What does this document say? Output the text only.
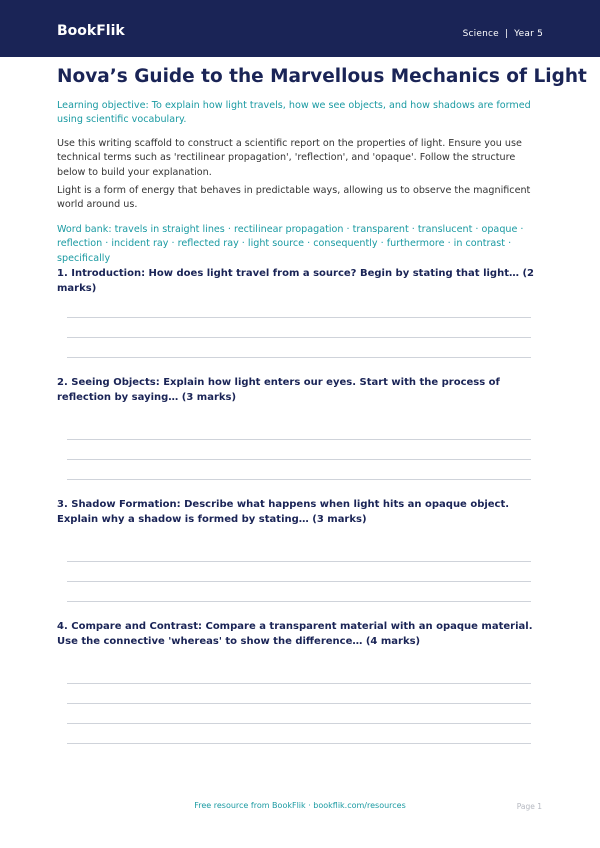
BookFlik	Science | Year 5
Nova’s Guide to the Marvellous Mechanics of Light

Learning objective: To explain how light travels, how we see objects, and how shadows are formed using scientific vocabulary.

Use this writing scaffold to construct a scientific report on the properties of light. Ensure you use technical terms such as 'rectilinear propagation', 'reflection', and 'opaque'. Follow the structure below to build your explanation.

Light is a form of energy that behaves in predictable ways, allowing us to observe the magnificent world around us.

Word bank: travels in straight lines · rectilinear propagation · transparent · translucent · opaque · reflection · incident ray · reflected ray · light source · consequently · furthermore · in contrast · specifically

1. Introduction: How does light travel from a source? Begin by stating that light… (2 marks)

2. Seeing Objects: Explain how light enters our eyes. Start with the process of reflection by saying… (3 marks)

3. Shadow Formation: Describe what happens when light hits an opaque object. Explain why a shadow is formed by stating… (3 marks)

4. Compare and Contrast: Compare a transparent material with an opaque material. Use the connective 'whereas' to show the difference… (4 marks)

Free resource from BookFlik · bookflik.com/resources	Page 1
